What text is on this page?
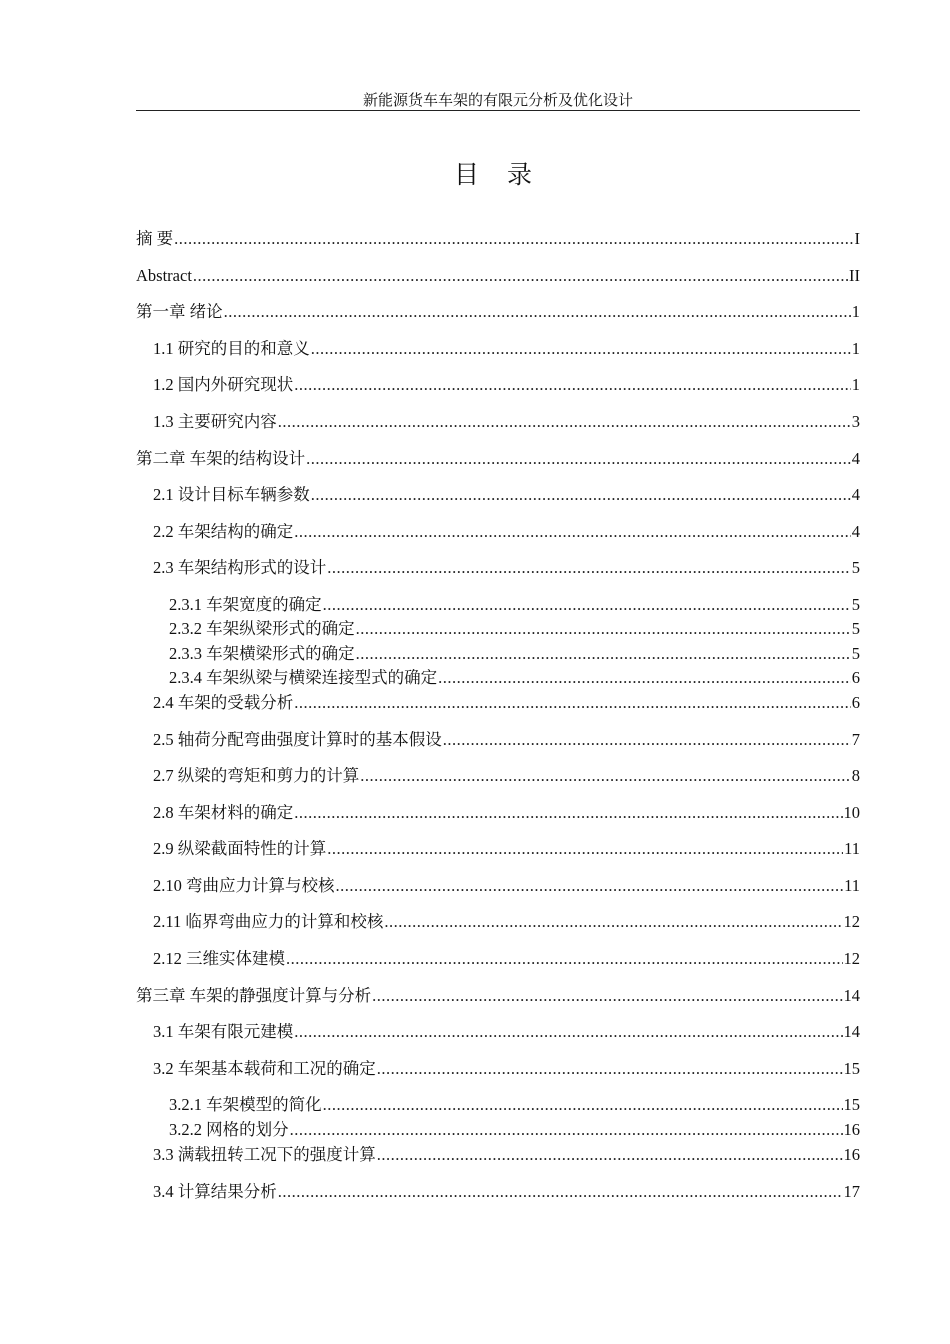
新能源货车车架的有限元分析及优化设计
目 录
摘 要 .....	I
Abstract .....	II
第一章 绪论 .....	1
1.1 研究的目的和意义 .....	1
1.2 国内外研究现状 .....	1
1.3 主要研究内容 .....	3
第二章 车架的结构设计 .....	4
2.1 设计目标车辆参数 .....	4
2.2 车架结构的确定 .....	4
2.3 车架结构形式的设计 .....	5
2.3.1 车架宽度的确定 .....	5
2.3.2 车架纵梁形式的确定 .....	5
2.3.3 车架横梁形式的确定 .....	5
2.3.4 车架纵梁与横梁连接型式的确定 .....	6
2.4 车架的受载分析 .....	6
2.5 轴荷分配弯曲强度计算时的基本假设 .....	7
2.7 纵梁的弯矩和剪力的计算 .....	8
2.8 车架材料的确定 .....	10
2.9 纵梁截面特性的计算 .....	11
2.10 弯曲应力计算与校核 .....	11
2.11 临界弯曲应力的计算和校核 .....	12
2.12 三维实体建模 .....	12
第三章 车架的静强度计算与分析 .....	14
3.1 车架有限元建模 .....	14
3.2 车架基本载荷和工况的确定 .....	15
3.2.1 车架模型的简化 .....	15
3.2.2 网格的划分 .....	16
3.3 满载扭转工况下的强度计算 .....	16
3.4 计算结果分析 .....	17
